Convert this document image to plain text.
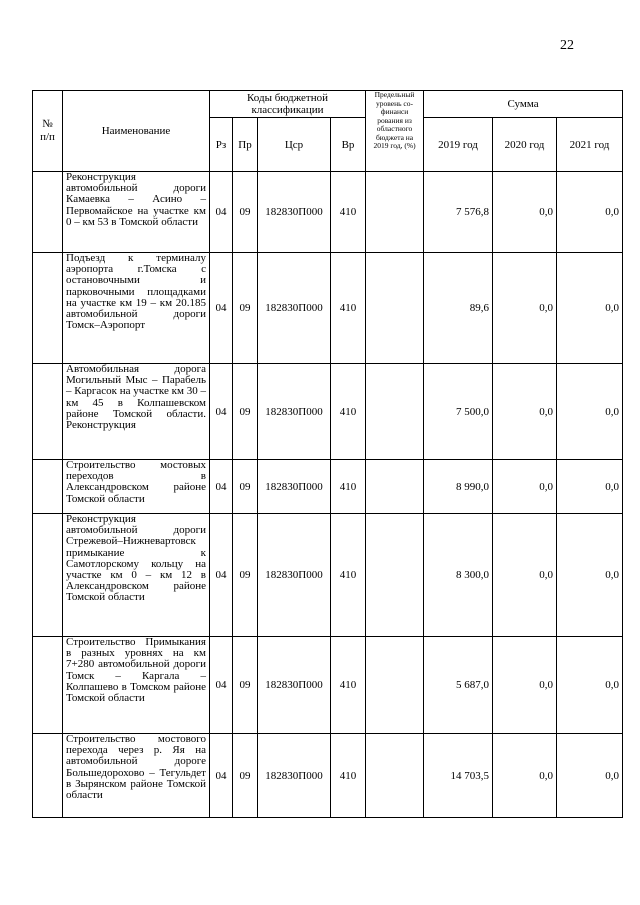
22
№
п/п	Наименование	Коды бюджетной классификации				Предельный уровень со-финанси рования из областного бюджета на 2019 год, (%)	Сумма		
		Рз	Пр	Цср	Вр		2019 год	2020 год	2021 год
	Реконструкция автомобильной дороги Камаевка – Асино – Первомайское на участке км 0 – км 53 в Томской области	04	09	182830П000	410		7 576,8	0,0	0,0
	Подъезд к терминалу аэропорта г.Томска с остановочными и парковочными площадками на участке км 19 – км 20.185 автомобильной дороги Томск–Аэропорт	04	09	182830П000	410		89,6	0,0	0,0
	Автомобильная дорога Могильный Мыс – Парабель – Каргасок на участке км 30 – км 45 в Колпашевском районе Томской области. Реконструкция	04	09	182830П000	410		7 500,0	0,0	0,0
	Строительство мостовых переходов в Александровском районе Томской области	04	09	182830П000	410		8 990,0	0,0	0,0
	Реконструкция автомобильной дороги Стрежевой–Нижневартовск примыкание к Самотлорскому кольцу на участке км 0 – км 12 в Александровском районе Томской области	04	09	182830П000	410		8 300,0	0,0	0,0
	Строительство Примыкания в разных уровнях на км 7+280 автомобильной дороги Томск – Каргала – Колпашево в Томском районе Томской области	04	09	182830П000	410		5 687,0	0,0	0,0
	Строительство мостового перехода через р. Яя на автомобильной дороге Большедорохово – Тегульдет в Зырянском районе Томской области	04	09	182830П000	410		14 703,5	0,0	0,0
